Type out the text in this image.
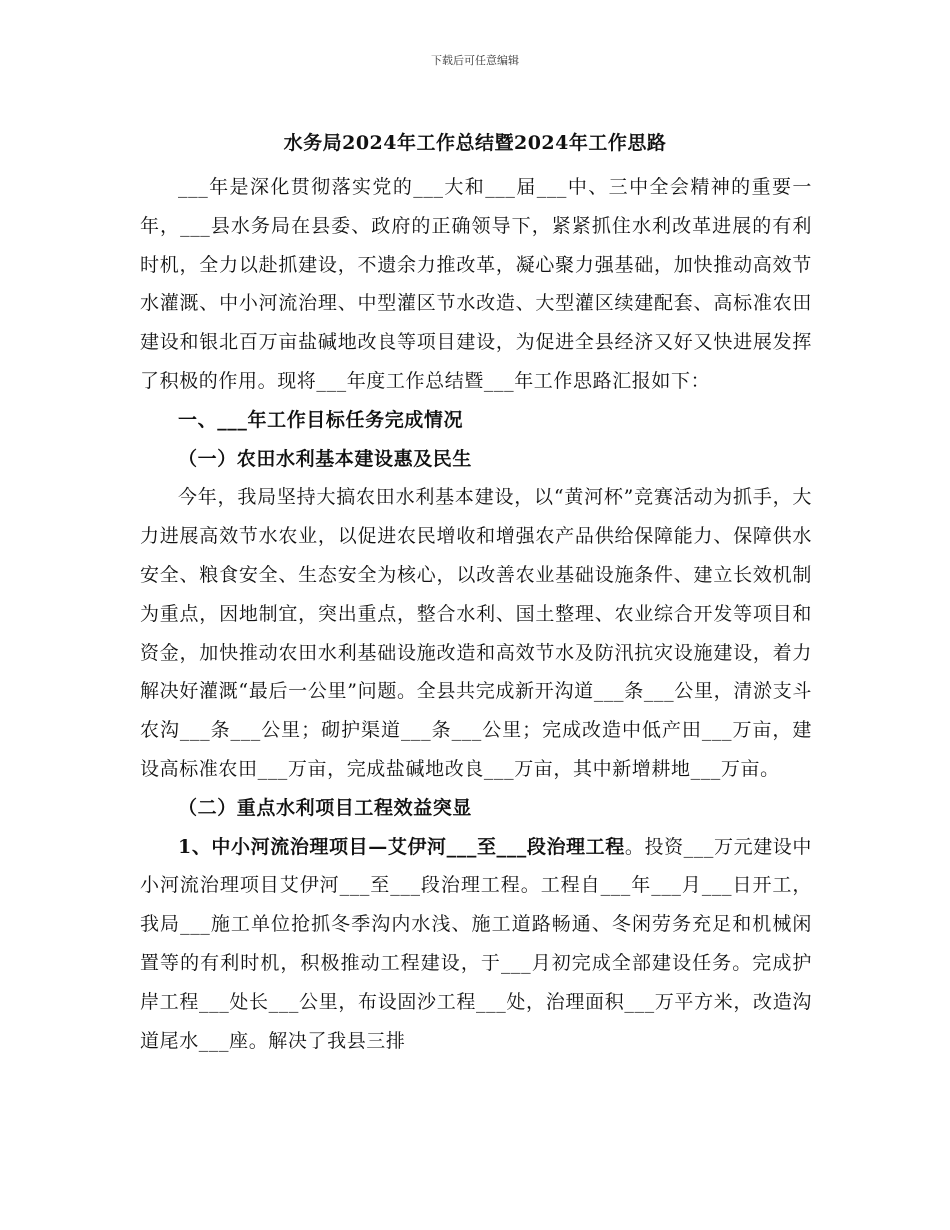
下载后可任意编辑
水务局2024年工作总结暨2024年工作思路

___年是深化贯彻落实党的___大和___届___中、三中全会精神的重要一年，___县水务局在县委、政府的正确领导下，紧紧抓住水利改革进展的有利时机，全力以赴抓建设，不遗余力推改革，凝心聚力强基础，加快推动高效节水灌溉、中小河流治理、中型灌区节水改造、大型灌区续建配套、高标准农田建设和银北百万亩盐碱地改良等项目建设，为促进全县经济又好又快进展发挥了积极的作用。现将___年度工作总结暨___年工作思路汇报如下：

一、___年工作目标任务完成情况

（一）农田水利基本建设惠及民生

今年，我局坚持大搞农田水利基本建设，以“黄河杯”竞赛活动为抓手，大力进展高效节水农业，以促进农民增收和增强农产品供给保障能力、保障供水安全、粮食安全、生态安全为核心，以改善农业基础设施条件、建立长效机制为重点，因地制宜，突出重点，整合水利、国土整理、农业综合开发等项目和资金，加快推动农田水利基础设施改造和高效节水及防汛抗灾设施建设，着力解决好灌溉“最后一公里”问题。全县共完成新开沟道___条___公里，清淤支斗农沟___条___公里；砌护渠道___条___公里；完成改造中低产田___万亩，建设高标准农田___万亩，完成盐碱地改良___万亩，其中新增耕地___万亩。

（二）重点水利项目工程效益突显

1、中小河流治理项目—艾伊河___至___段治理工程。投资___万元建设中小河流治理项目艾伊河___至___段治理工程。工程自___年___月___日开工，我局___施工单位抢抓冬季沟内水浅、施工道路畅通、冬闲劳务充足和机械闲置等的有利时机，积极推动工程建设，于___月初完成全部建设任务。完成护岸工程___处长___公里，布设固沙工程___处，治理面积___万平方米，改造沟道尾水___座。解决了我县三排
